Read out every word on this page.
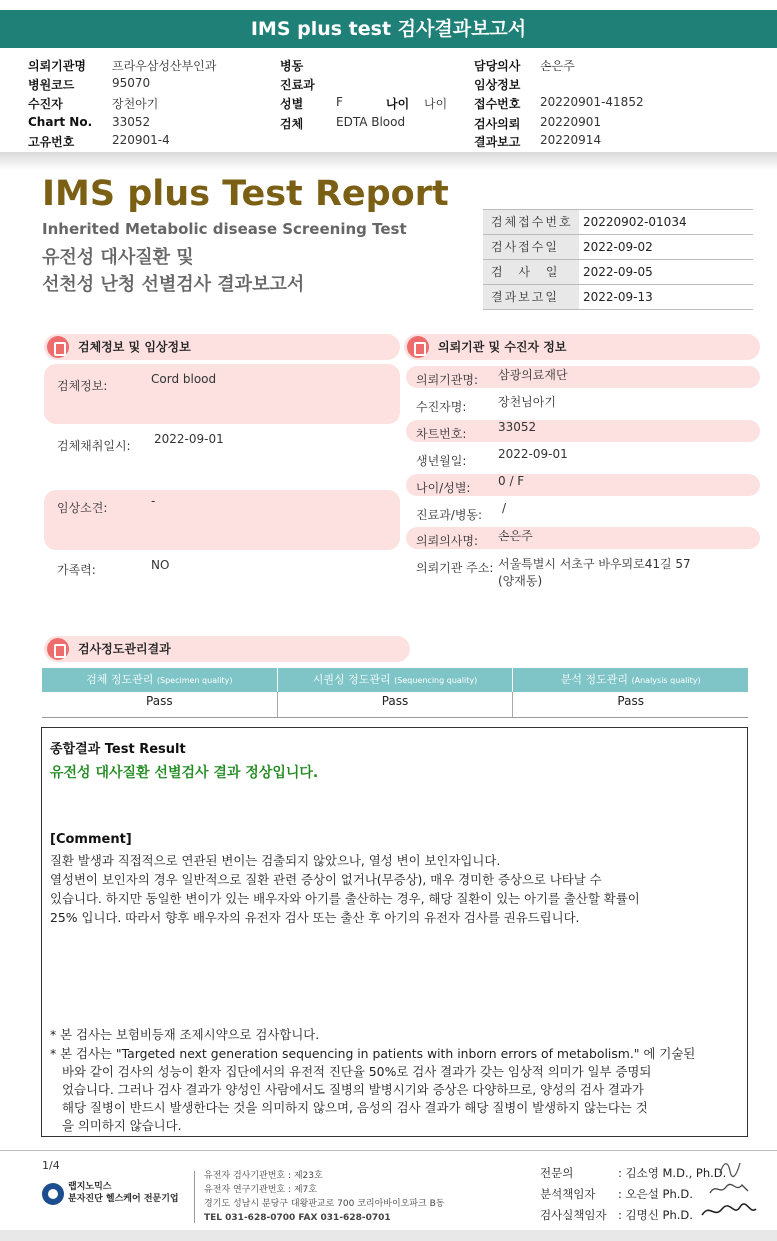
IMS plus test 검사결과보고서
의뢰기관명 프라우삼성산부인과
병원코드	95070
수진자	장천아기
Chart No. 33052
고유번호	220901-4
병동
진료과
성별	F	나이 나이
검체	EDTA Blood
담당의사 손은주
임상정보
접수번호 20220901-41852
검사의뢰 20220901
결과보고 20220914
IMS plus Test Report
Inherited Metabolic disease Screening Test
유전성 대사질환 및
선천성 난청 선별검사 결과보고서
검체접수번호 20220902-01034
검사접수일	2022-09-02
검 사 일	2022-09-05
결과보고일	2022-09-13
검체정보 및 임상정보
검체정보:	Cord blood
검체채취일시: 2022-09-01
임상소견:	-
가족력:	NO
의뢰기관 및 수진자 정보
의뢰기관명: 삼광의료재단
수진자명:	장천님아기
차트번호:	33052
생년월일:	2022-09-01
나이/성별: 0 / F
진료과/병동: /
의뢰의사명: 손은주
의뢰기관 주소: 서울특별시 서초구 바우뫼로41길 57
(양재동)
검사정도관리결과
검체 정도관리 (Specimen quality)	시퀀싱 정도관리 (Sequencing quality)	분석 정도관리 (Analysis quality)
Pass	Pass	Pass
종합결과 Test Result
유전성 대사질환 선별검사 결과 정상입니다.
[Comment]

질환 발생과 직접적으로 연관된 변이는 검출되지 않았으나, 열성 변이 보인자입니다.

열성변이 보인자의 경우 일반적으로 질환 관련 증상이 없거나(무증상), 매우 경미한 증상으로 나타날 수

있습니다. 하지만 동일한 변이가 있는 배우자와 아기를 출산하는 경우, 해당 질환이 있는 아기를 출산할 확률이

25% 입니다. 따라서 향후 배우자의 유전자 검사 또는 출산 후 아기의 유전자 검사를 권유드립니다.

* 본 검사는 보험비등재 조제시약으로 검사합니다.

* 본 검사는 "Targeted next generation sequencing in patients with inborn errors of metabolism." 에 기술된

바와 같이 검사의 성능이 환자 집단에서의 유전적 진단율 50%로 검사 결과가 갖는 임상적 의미가 일부 증명되

었습니다. 그러나 검사 결과가 양성인 사람에서도 질병의 발병시기와 증상은 다양하므로, 양성의 검사 결과가

해당 질병이 반드시 발생한다는 것을 의미하지 않으며, 음성의 검사 결과가 해당 질병이 발생하지 않는다는 것

을 의미하지 않습니다.

1/4
랩지노믹스
분자진단 헬스케어 전문기업
유전자 검사기관번호 : 제23호
유전자 연구기관번호 : 제7호
경기도 성남시 분당구 대왕판교로 700 코리아바이오파크 B동
TEL 031-628-0700 FAX 031-628-0701
전문의	: 김소영 M.D., Ph.D.
분석책임자 : 오은설 Ph.D.
검사실책임자 : 김명신 Ph.D.
